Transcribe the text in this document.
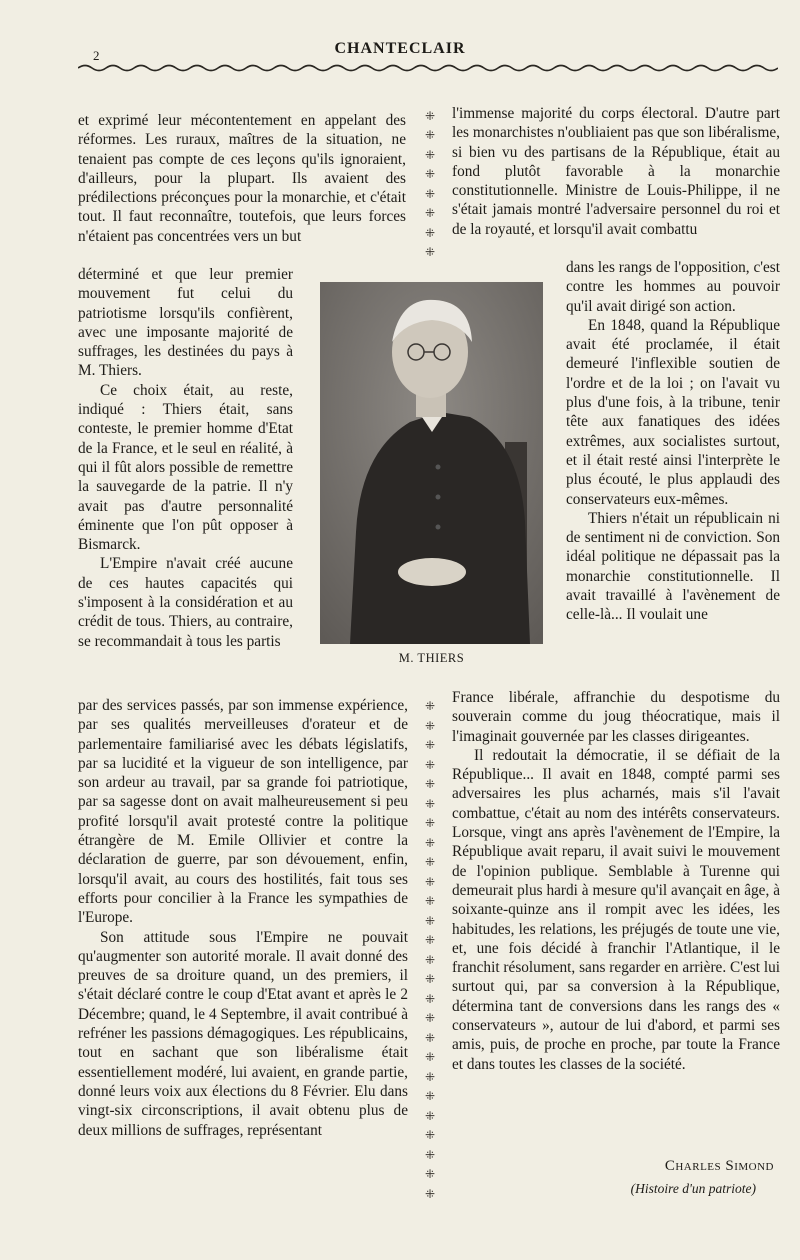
2	CHANTECLAIR

et exprimé leur mécontentement en appelant des réformes. Les ruraux, maîtres de la situation, ne tenaient pas compte de ces leçons qu'ils ignoraient, d'ailleurs, pour la plupart. Ils avaient des prédilections préconçues pour la monarchie, et c'était tout. Il faut reconnaître, toutefois, que leurs forces n'étaient pas concentrées vers un but

déterminé et que leur premier mouvement fut celui du patriotisme lorsqu'ils confièrent, avec une imposante majorité de suffrages, les destinées du pays à M. Thiers.

Ce choix était, au reste, indiqué : Thiers était, sans conteste, le premier homme d'Etat de la France, et le seul en réalité, à qui il fût alors possible de remettre la sauvegarde de la patrie. Il n'y avait pas d'autre personnalité éminente que l'on pût opposer à Bismarck.

L'Empire n'avait créé aucune de ces hautes capacités qui s'imposent à la considération et au crédit de tous. Thiers, au contraire, se recommandait à tous les partis

par des services passés, par son immense expérience, par ses qualités merveilleuses d'orateur et de parlementaire familiarisé avec les débats législatifs, par sa lucidité et la vigueur de son intelligence, par son ardeur au travail, par sa grande foi patriotique, par sa sagesse dont on avait malheureusement si peu profité lorsqu'il avait protesté contre la politique étrangère de M. Emile Ollivier et contre la déclaration de guerre, par son dévouement, enfin, lorsqu'il avait, au cours des hostilités, fait tous ses efforts pour concilier à la France les sympathies de l'Europe.

Son attitude sous l'Empire ne pouvait qu'augmenter son autorité morale. Il avait donné des preuves de sa droiture quand, un des premiers, il s'était déclaré contre le coup d'Etat avant et après le 2 Décembre; quand, le 4 Septembre, il avait contribué à refréner les passions démagogiques. Les républicains, tout en sachant que son libéralisme était essentiellement modéré, lui avaient, en grande partie, donné leurs voix aux élections du 8 Février. Elu dans vingt-six circonscriptions, il avait obtenu plus de deux millions de suffrages, représentant

⁜
⁜
⁜
⁜
⁜
⁜
⁜
⁜
⁜
⁜
⁜
⁜
⁜
⁜
⁜
⁜
⁜
⁜
⁜
⁜
⁜
⁜
⁜
⁜
⁜
⁜
⁜
⁜
⁜
⁜
⁜
⁜
⁜
⁜

l'immense majorité du corps électoral. D'autre part les monarchistes n'oubliaient pas que son libéralisme, si bien vu des partisans de la République, était au fond plutôt favorable à la monarchie constitutionnelle. Ministre de Louis-Philippe, il ne s'était jamais montré l'adversaire personnel du roi et de la royauté, et lorsqu'il avait combattu

dans les rangs de l'opposition, c'est contre les hommes au pouvoir qu'il avait dirigé son action.

En 1848, quand la République avait été proclamée, il était demeuré l'inflexible soutien de l'ordre et de la loi ; on l'avait vu plus d'une fois, à la tribune, tenir tête aux fanatiques des idées extrêmes, aux socialistes surtout, et il était resté ainsi l'interprète le plus écouté, le plus applaudi des conservateurs eux-mêmes.

Thiers n'était un républicain ni de sentiment ni de conviction. Son idéal politique ne dépassait pas la monarchie constitutionnelle. Il avait travaillé à l'avènement de celle-là... Il voulait une

France libérale, affranchie du despotisme du souverain comme du joug théocratique, mais il l'imaginait gouvernée par les classes dirigeantes.

Il redoutait la démocratie, il se défiait de la République... Il avait en 1848, compté parmi ses adversaires les plus acharnés, mais s'il l'avait combattue, c'était au nom des intérêts conservateurs. Lorsque, vingt ans après l'avènement de l'Empire, la République avait reparu, il avait suivi le mouvement de l'opinion publique. Semblable à Turenne qui demeurait plus hardi à mesure qu'il avançait en âge, à soixante-quinze ans il rompit avec les idées, les habitudes, les relations, les préjugés de toute une vie, et, une fois décidé à franchir l'Atlantique, il le franchit résolument, sans regarder en arrière. C'est lui surtout qui, par sa conversion à la République, détermina tant de conversions dans les rangs des « conservateurs », autour de lui d'abord, et parmi ses amis, puis, de proche en proche, par toute la France et dans toutes les classes de la société.

M. THIERS
Charles Simond
(Histoire d'un patriote)
